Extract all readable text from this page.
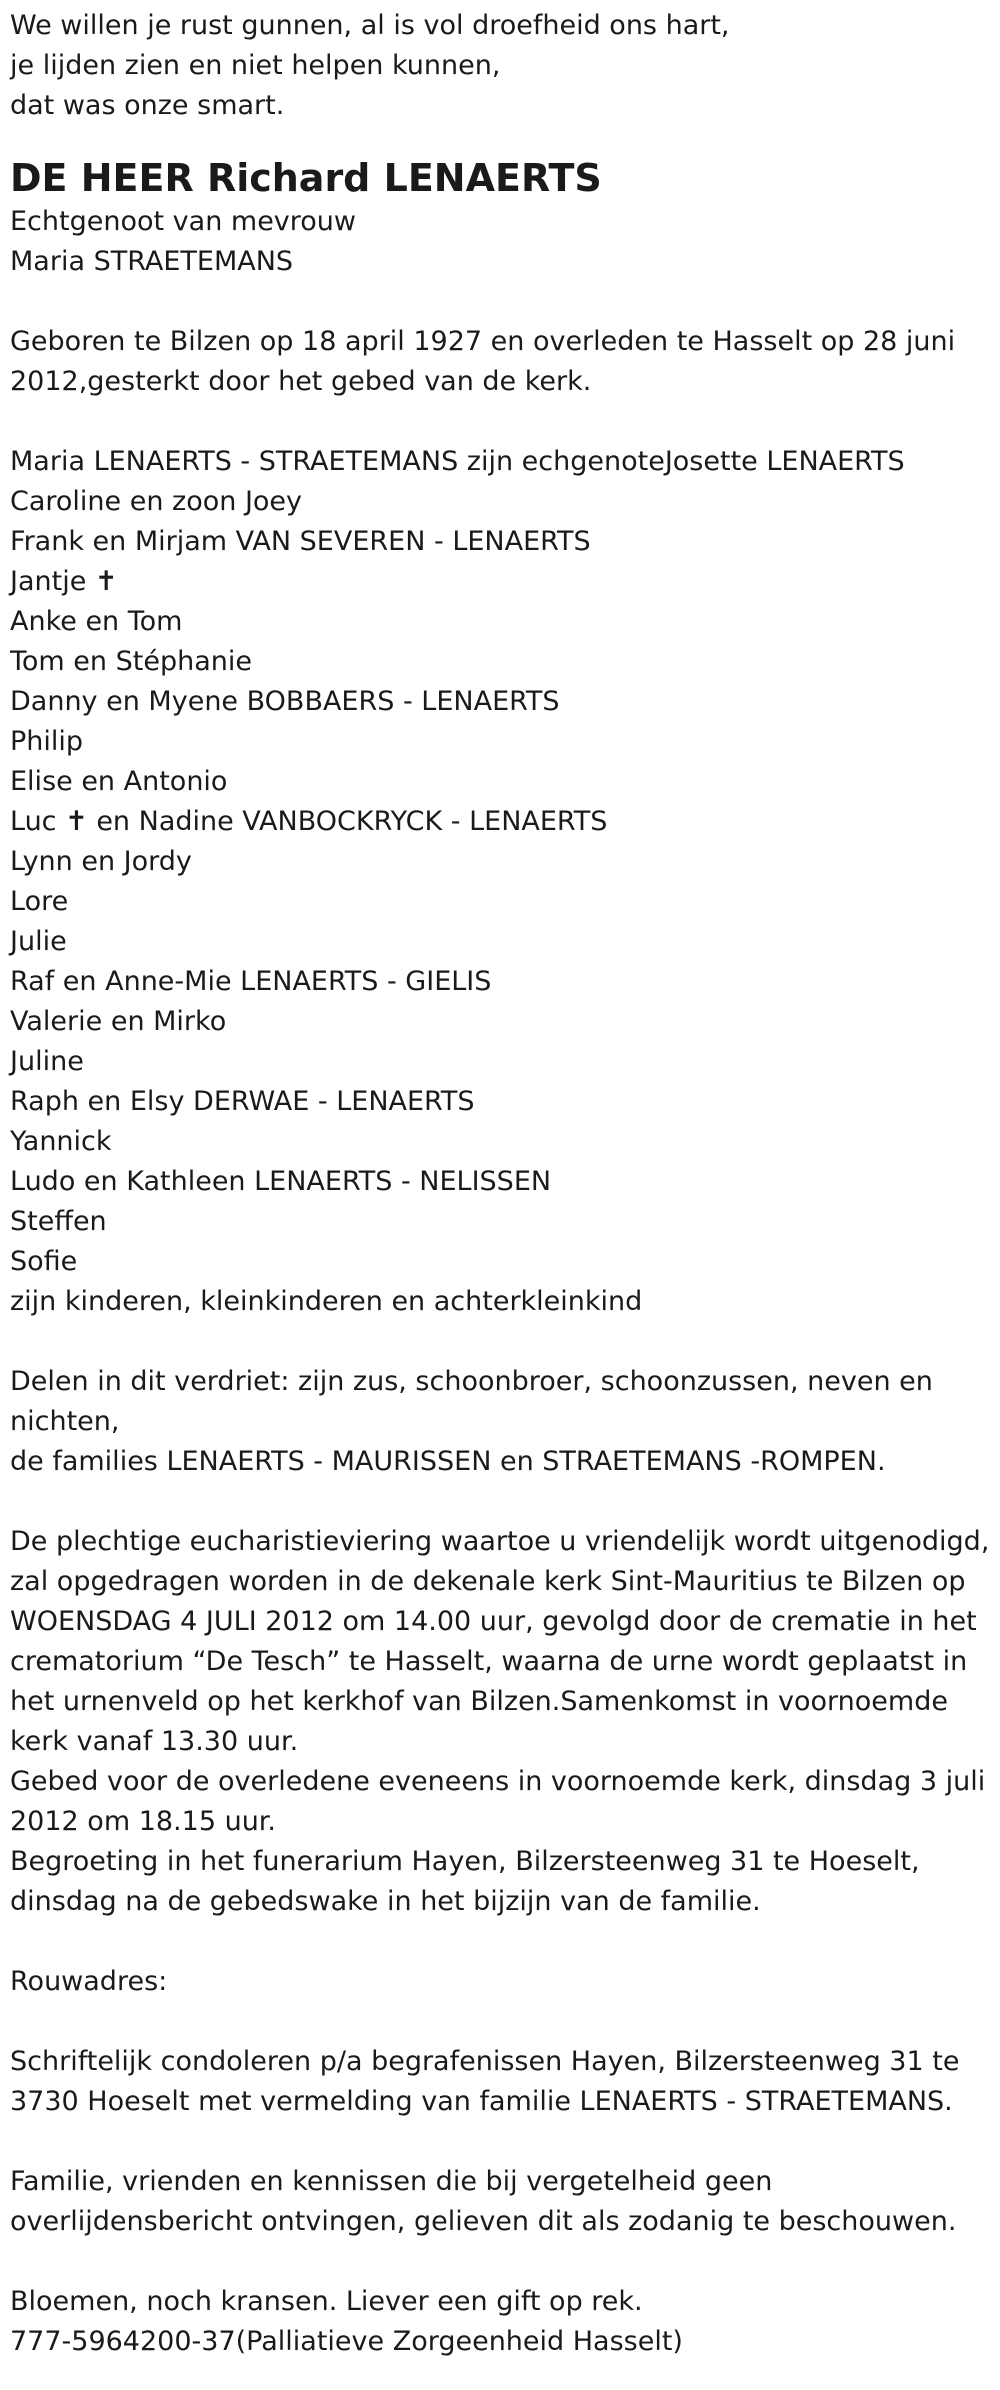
We willen je rust gunnen, al is vol droefheid ons hart,
je lijden zien en niet helpen kunnen,
dat was onze smart.
DE HEER Richard LENAERTS
Echtgenoot van mevrouw
Maria STRAETEMANS
Geboren te Bilzen op 18 april 1927 en overleden te Hasselt op 28 juni 2012,gesterkt door het gebed van de kerk.
Maria LENAERTS - STRAETEMANS zijn echgenoteJosette LENAERTS
Caroline en zoon Joey
Frank en Mirjam VAN SEVEREN - LENAERTS
Jantje ✝
Anke en Tom
Tom en Stéphanie
Danny en Myene BOBBAERS - LENAERTS
Philip
Elise en Antonio
Luc ✝ en Nadine VANBOCKRYCK - LENAERTS
Lynn en Jordy
Lore
Julie
Raf en Anne-Mie LENAERTS - GIELIS
Valerie en Mirko
Juline
Raph en Elsy DERWAE - LENAERTS
Yannick
Ludo en Kathleen LENAERTS - NELISSEN
Steffen
Sofie
zijn kinderen, kleinkinderen en achterkleinkind
Delen in dit verdriet: zijn zus, schoonbroer, schoonzussen, neven en
nichten,
de families LENAERTS - MAURISSEN en STRAETEMANS -ROMPEN.
De plechtige eucharistieviering waartoe u vriendelijk wordt uitgenodigd,
zal opgedragen worden in de dekenale kerk Sint-Mauritius te Bilzen op
WOENSDAG 4 JULI 2012 om 14.00 uur, gevolgd door de crematie in het
crematorium “De Tesch” te Hasselt, waarna de urne wordt geplaatst in
het urnenveld op het kerkhof van Bilzen.Samenkomst in voornoemde
kerk vanaf 13.30 uur.
Gebed voor de overledene eveneens in voornoemde kerk, dinsdag 3 juli
2012 om 18.15 uur.
Begroeting in het funerarium Hayen, Bilzersteenweg 31 te Hoeselt,
dinsdag na de gebedswake in het bijzijn van de familie.
Rouwadres:
Schriftelijk condoleren p/a begrafenissen Hayen, Bilzersteenweg 31 te
3730 Hoeselt met vermelding van familie LENAERTS - STRAETEMANS.
Familie, vrienden en kennissen die bij vergetelheid geen
overlijdensbericht ontvingen, gelieven dit als zodanig te beschouwen.
Bloemen, noch kransen. Liever een gift op rek.
777-5964200-37(Palliatieve Zorgeenheid Hasselt)
